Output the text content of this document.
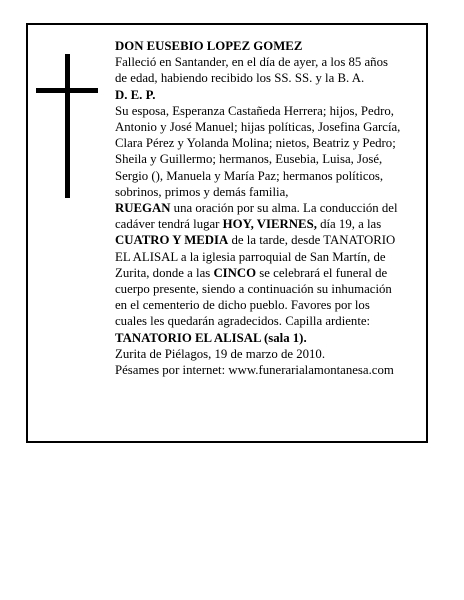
DON EUSEBIO LOPEZ GOMEZ

Falleció en Santander, en el día de ayer, a los 85 años

de edad, habiendo recibido los SS. SS. y la B. A.

D. E. P.

Su esposa, Esperanza Castañeda Herrera; hijos, Pedro,

Antonio y José Manuel; hijas políticas, Josefina García,

Clara Pérez y Yolanda Molina; nietos, Beatriz y Pedro;

Sheila y Guillermo; hermanos, Eusebia, Luisa, José,

Sergio (), Manuela y María Paz; hermanos políticos,

sobrinos, primos y demás familia,

RUEGAN una oración por su alma. La conducción del

cadáver tendrá lugar HOY, VIERNES, día 19, a las

CUATRO Y MEDIA de la tarde, desde TANATORIO

EL ALISAL a la iglesia parroquial de San Martín, de

Zurita, donde a las CINCO se celebrará el funeral de

cuerpo presente, siendo a continuación su inhumación

en el cementerio de dicho pueblo. Favores por los

cuales les quedarán agradecidos. Capilla ardiente:

TANATORIO EL ALISAL (sala 1).

Zurita de Piélagos, 19 de marzo de 2010.

Pésames por internet: www.funerarialamontanesa.com
